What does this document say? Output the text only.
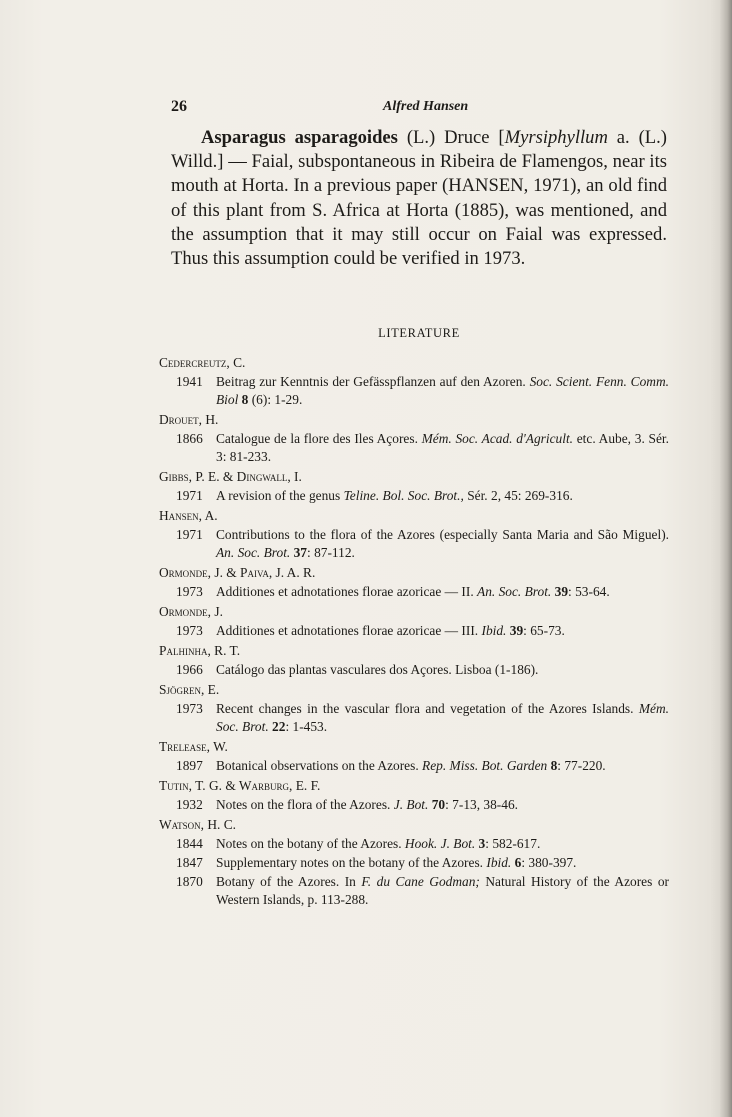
26	Alfred Hansen
Asparagus asparagoides (L.) Druce [Myrsiphyllum a. (L.) Willd.] — Faial, subspontaneous in Ribeira de Flamengos, near its mouth at Horta. In a previous paper (HANSEN, 1971), an old find of this plant from S. Africa at Horta (1885), was mentioned, and the assumption that it may still occur on Faial was expressed. Thus this assumption could be verified in 1973.
LITERATURE
Cedercreutz, C.
1941 Beitrag zur Kenntnis der Gefässpflanzen auf den Azoren. Soc. Scient. Fenn. Comm. Biol 8 (6): 1-29.
Drouet, H.
1866 Catalogue de la flore des Iles Açores. Mém. Soc. Acad. d'Agricult. etc. Aube, 3. Sér. 3: 81-233.
Gibbs, P. E. & Dingwall, I.
1971 A revision of the genus Teline. Bol. Soc. Brot., Sér. 2, 45: 269-316.
Hansen, A.
1971 Contributions to the flora of the Azores (especially Santa Maria and São Miguel). An. Soc. Brot. 37: 87-112.
Ormonde, J. & Paiva, J. A. R.
1973 Additiones et adnotationes florae azoricae — II. An. Soc. Brot. 39: 53-64.
Ormonde, J.
1973 Additiones et adnotationes florae azoricae — III. Ibid. 39: 65-73.
Palhinha, R. T.
1966 Catálogo das plantas vasculares dos Açores. Lisboa (1-186).
Sjögren, E.
1973 Recent changes in the vascular flora and vegetation of the Azores Islands. Mém. Soc. Brot. 22: 1-453.
Trelease, W.
1897 Botanical observations on the Azores. Rep. Miss. Bot. Garden 8: 77-220.
Tutin, T. G. & Warburg, E. F.
1932 Notes on the flora of the Azores. J. Bot. 70: 7-13, 38-46.
Watson, H. C.
1844 Notes on the botany of the Azores. Hook. J. Bot. 3: 582-617.
1847 Supplementary notes on the botany of the Azores. Ibid. 6: 380-397.
1870 Botany of the Azores. In F. du Cane Godman; Natural History of the Azores or Western Islands, p. 113-288.
